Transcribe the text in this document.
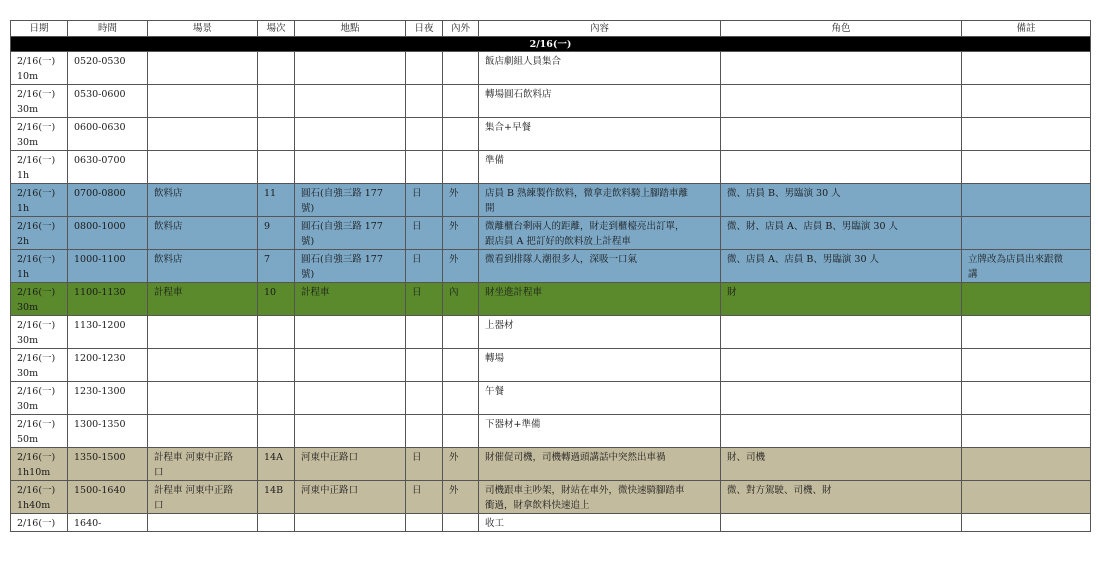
日期	時間	場景	場次	地點	日夜	內外	內容	角色	備註
2/16(一)									

2/16(一)
10m	0520-0530						飯店劇組人員集合		

2/16(一)
30m	0530-0600						轉場圓石飲料店		

2/16(一)
30m	0600-0630						集合+早餐		

2/16(一)
1h	0630-0700						準備		

2/16(一)
1h	0700-0800	飲料店	11	圓石(自強三路 177
號)	日	外	店員 B 熟練製作飲料，微拿走飲料騎上腳踏車離
開	微、店員 B、男臨演 30 人	

2/16(一)
2h	0800-1000	飲料店	9	圓石(自強三路 177
號)	日	外	微離櫃台剩兩人的距離，財走到櫃檯亮出訂單，
跟店員 A 把訂好的飲料放上計程車	微、財、店員 A、店員 B、男臨演 30 人	

2/16(一)
1h	1000-1100	飲料店	7	圓石(自強三路 177
號)	日	外	微看到排隊人潮很多人，深吸一口氣	微、店員 A、店員 B、男臨演 30 人	立牌改為店員出來跟微
講

2/16(一)
30m	1100-1130	計程車	10	計程車	日	內	財坐進計程車	財	

2/16(一)
30m	1130-1200						上器材		

2/16(一)
30m	1200-1230						轉場		

2/16(一)
30m	1230-1300						午餐		

2/16(一)
50m	1300-1350						下器材+準備		

2/16(一)
1h10m	1350-1500	計程車 河東中正路
口	14A	河東中正路口	日	外	財催促司機，司機轉過頭講話中突然出車禍	財、司機	

2/16(一)
1h40m	1500-1640	計程車 河東中正路
口	14B	河東中正路口	日	外	司機跟車主吵架，財站在車外，微快速騎腳踏車
衝過，財拿飲料快速追上	微、對方駕駛、司機、財	

2/16(一)	1640-						收工		
